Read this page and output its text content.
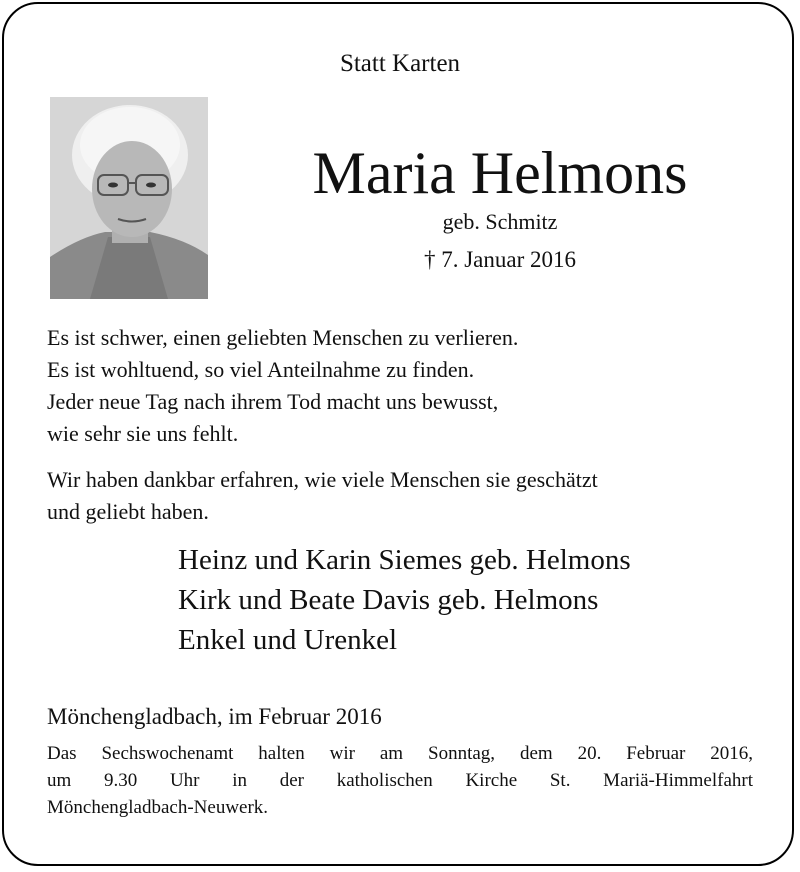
Statt Karten
Maria Helmons
geb. Schmitz
† 7. Januar 2016
Es ist schwer, einen geliebten Menschen zu verlieren.
Es ist wohltuend, so viel Anteilnahme zu finden.
Jeder neue Tag nach ihrem Tod macht uns bewusst,
wie sehr sie uns fehlt.
Wir haben dankbar erfahren, wie viele Menschen sie geschätzt
und geliebt haben.
Heinz und Karin Siemes geb. Helmons
Kirk und Beate Davis geb. Helmons
Enkel und Urenkel
Mönchengladbach, im Februar 2016
Das Sechswochenamt halten wir am Sonntag, dem 20. Februar 2016,
um 9.30 Uhr in der katholischen Kirche St. Mariä-Himmelfahrt
Mönchengladbach-Neuwerk.
